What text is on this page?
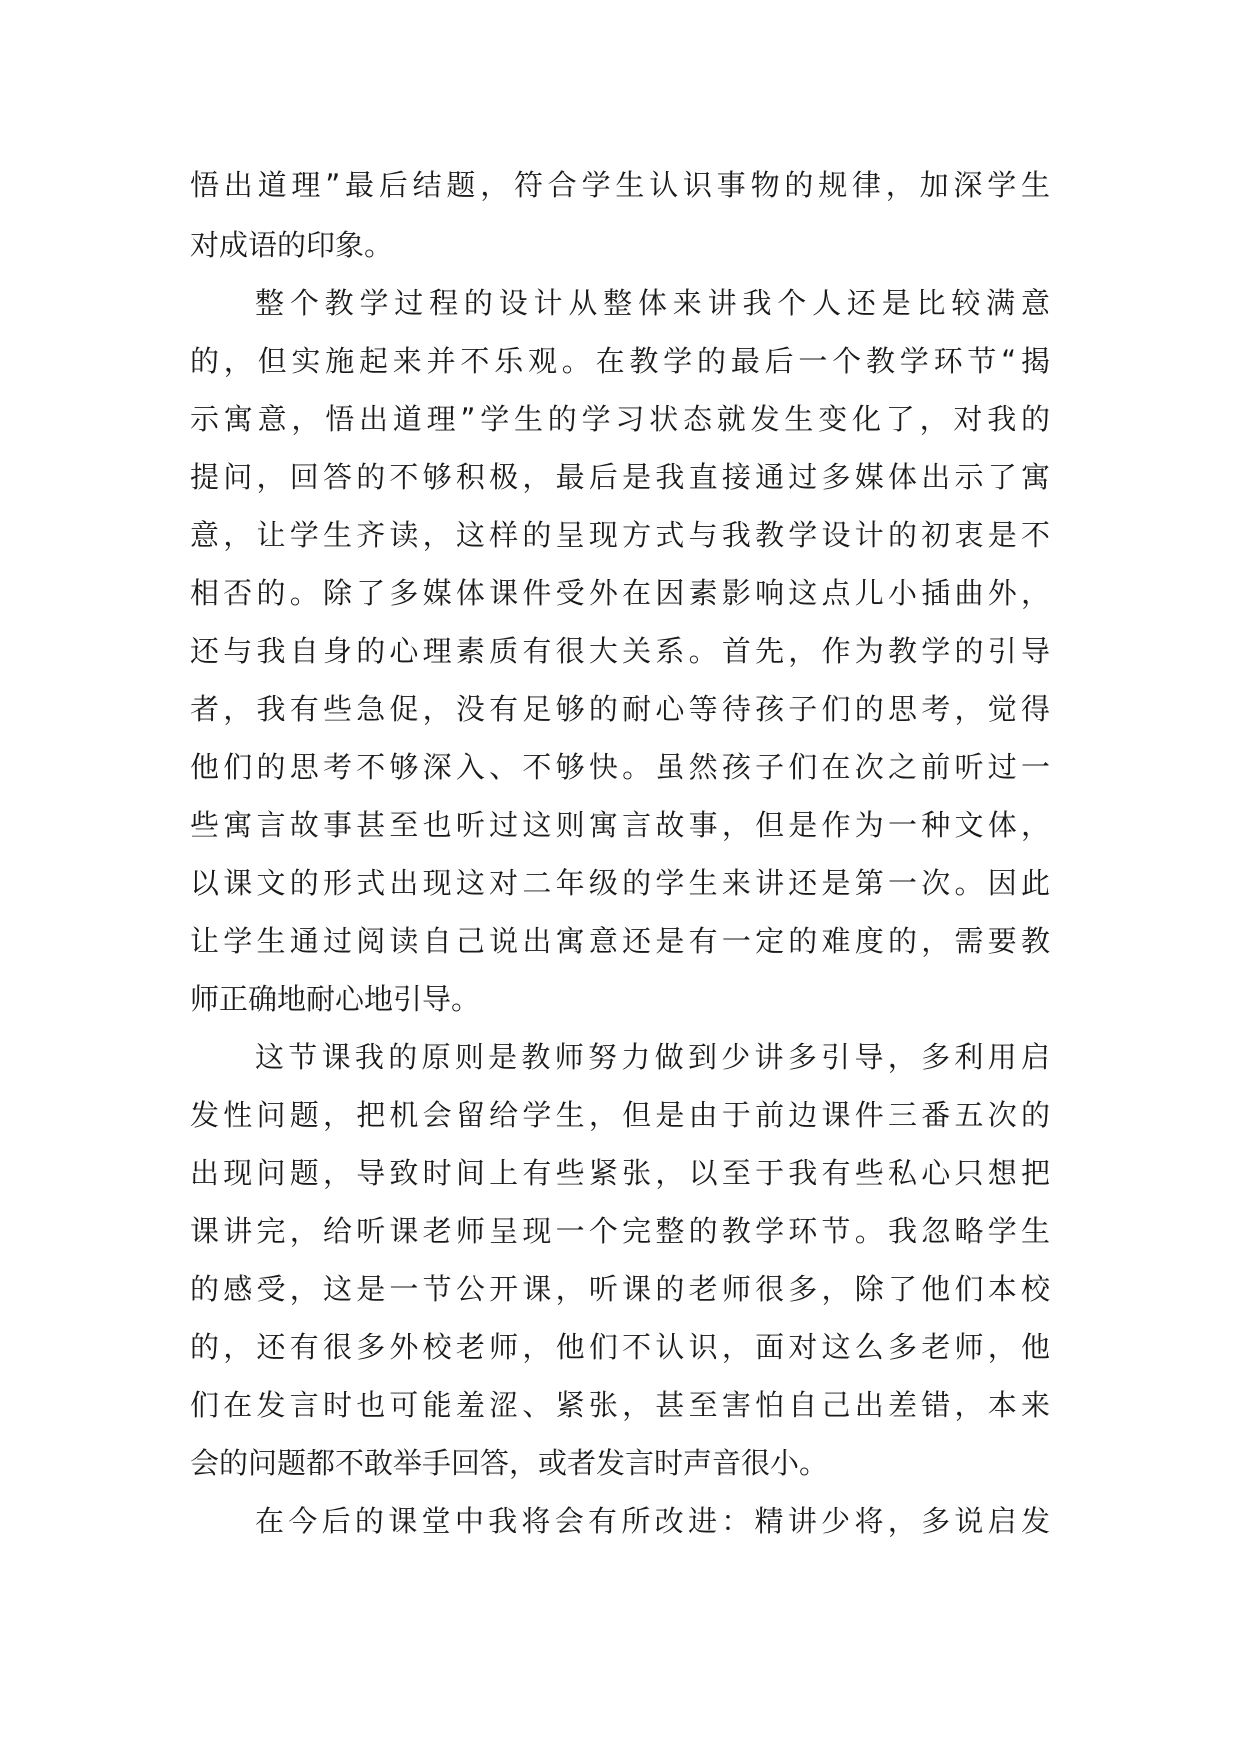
悟出道理”最后结题，符合学生认识事物的规律，加深学生
对成语的印象。
整个教学过程的设计从整体来讲我个人还是比较满意
的，但实施起来并不乐观。在教学的最后一个教学环节“揭
示寓意，悟出道理”学生的学习状态就发生变化了，对我的
提问，回答的不够积极，最后是我直接通过多媒体出示了寓
意，让学生齐读，这样的呈现方式与我教学设计的初衷是不
相否的。除了多媒体课件受外在因素影响这点儿小插曲外，
还与我自身的心理素质有很大关系。首先，作为教学的引导
者，我有些急促，没有足够的耐心等待孩子们的思考，觉得
他们的思考不够深入、不够快。虽然孩子们在次之前听过一
些寓言故事甚至也听过这则寓言故事，但是作为一种文体，
以课文的形式出现这对二年级的学生来讲还是第一次。因此
让学生通过阅读自己说出寓意还是有一定的难度的，需要教
师正确地耐心地引导。
这节课我的原则是教师努力做到少讲多引导，多利用启
发性问题，把机会留给学生，但是由于前边课件三番五次的
出现问题，导致时间上有些紧张，以至于我有些私心只想把
课讲完，给听课老师呈现一个完整的教学环节。我忽略学生
的感受，这是一节公开课，听课的老师很多，除了他们本校
的，还有很多外校老师，他们不认识，面对这么多老师，他
们在发言时也可能羞涩、紧张，甚至害怕自己出差错，本来
会的问题都不敢举手回答，或者发言时声音很小。
在今后的课堂中我将会有所改进：精讲少将，多说启发
